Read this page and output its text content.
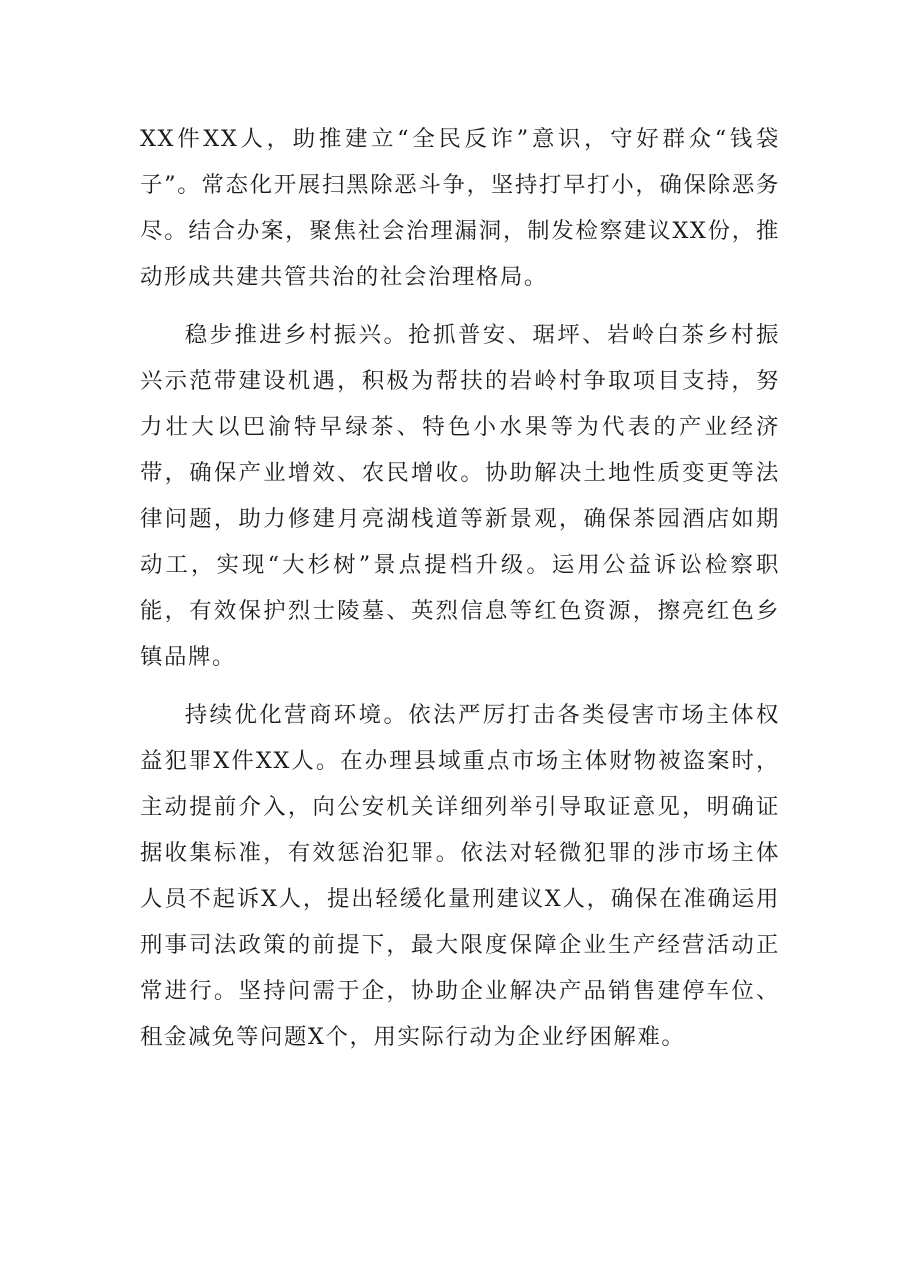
XX件XX人，助推建立“全民反诈”意识，守好群众“钱袋子”。常态化开展扫黑除恶斗争，坚持打早打小，确保除恶务尽。结合办案，聚焦社会治理漏洞，制发检察建议XX份，推动形成共建共管共治的社会治理格局。

稳步推进乡村振兴。抢抓普安、琚坪、岩岭白茶乡村振兴示范带建设机遇，积极为帮扶的岩岭村争取项目支持，努力壮大以巴渝特早绿茶、特色小水果等为代表的产业经济带，确保产业增效、农民增收。协助解决土地性质变更等法律问题，助力修建月亮湖栈道等新景观，确保茶园酒店如期动工，实现“大杉树”景点提档升级。运用公益诉讼检察职能，有效保护烈士陵墓、英烈信息等红色资源，擦亮红色乡镇品牌。

持续优化营商环境。依法严厉打击各类侵害市场主体权益犯罪X件XX人。在办理县域重点市场主体财物被盗案时，主动提前介入，向公安机关详细列举引导取证意见，明确证据收集标准，有效惩治犯罪。依法对轻微犯罪的涉市场主体人员不起诉X人，提出轻缓化量刑建议X人，确保在准确运用刑事司法政策的前提下，最大限度保障企业生产经营活动正常进行。坚持问需于企，协助企业解决产品销售建停车位、租金减免等问题X个，用实际行动为企业纾困解难。
